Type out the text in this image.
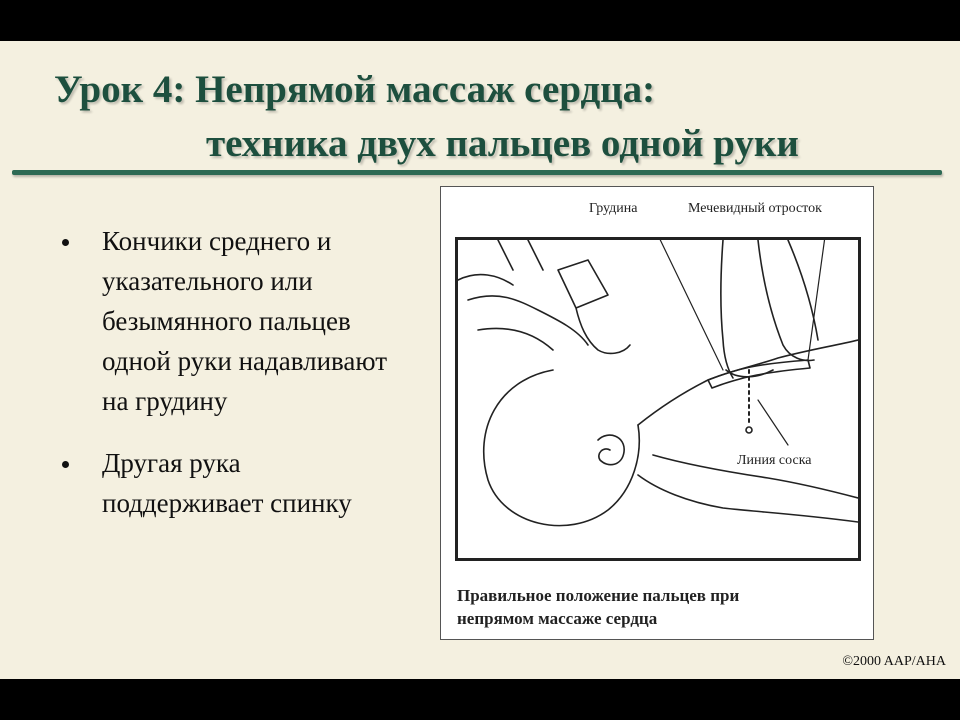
Урок 4: Непрямой массаж сердца:
техника двух пальцев одной руки
Кончики среднего и указательного или безымянного пальцев одной руки надавливают на грудину
Другая рука поддерживает спинку
Грудина	Мечевидный отросток
Линия соска
Правильное положение пальцев при
непрямом массаже сердца
©2000 AAP/AHA
